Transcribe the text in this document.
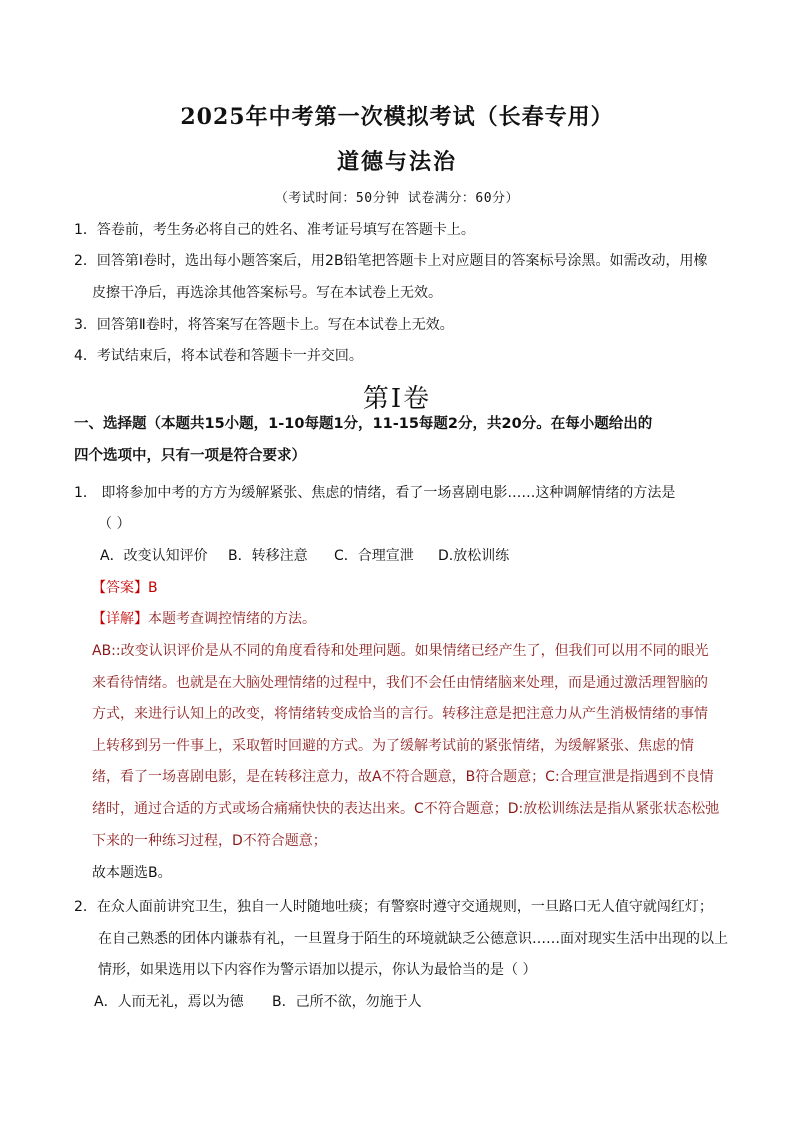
2025年中考第一次模拟考试（长春专用）
道德与法治
（考试时间：50分钟 试卷满分：60分）
1．答卷前，考生务必将自己的姓名、准考证号填写在答题卡上。
2．回答第Ⅰ卷时，选出每小题答案后，用2B铅笔把答题卡上对应题目的答案标号涂黑。如需改动，用橡
皮擦干净后，再选涂其他答案标号。写在本试卷上无效。
3．回答第Ⅱ卷时，将答案写在答题卡上。写在本试卷上无效。
4．考试结束后，将本试卷和答题卡一并交回。
第Ⅰ卷
一、选择题（本题共15小题，1-10每题1分，11-15每题2分，共20分。在每小题给出的
四个选项中，只有一项是符合要求）
1． 即将参加中考的方方为缓解紧张、焦虑的情绪，看了一场喜剧电影……这种调解情绪的方法是
（ ）
A．改变认知评价 B．转移注意 C．合理宣泄 D.放松训练
【答案】B
【详解】本题考查调控情绪的方法。
AB::改变认识评价是从不同的角度看待和处理问题。如果情绪已经产生了，但我们可以用不同的眼光
来看待情绪。也就是在大脑处理情绪的过程中，我们不会任由情绪脑来处理，而是通过激活理智脑的
方式，来进行认知上的改变，将情绪转变成恰当的言行。转移注意是把注意力从产生消极情绪的事情
上转移到另一件事上，采取暂时回避的方式。为了缓解考试前的紧张情绪，为缓解紧张、焦虑的情
绪，看了一场喜剧电影，是在转移注意力，故A不符合题意，B符合题意；C:合理宣泄是指遇到不良情
绪时，通过合适的方式或场合痛痛快快的表达出来。C不符合题意；D:放松训练法是指从紧张状态松弛
下来的一种练习过程，D不符合题意；
故本题选B。
2．在众人面前讲究卫生，独自一人时随地吐痰；有警察时遵守交通规则，一旦路口无人值守就闯红灯；
在自己熟悉的团体内谦恭有礼，一旦置身于陌生的环境就缺乏公德意识……面对现实生活中出现的以上
情形，如果选用以下内容作为警示语加以提示，你认为最恰当的是（ ）
A．人而无礼，焉以为德 B．己所不欲，勿施于人
